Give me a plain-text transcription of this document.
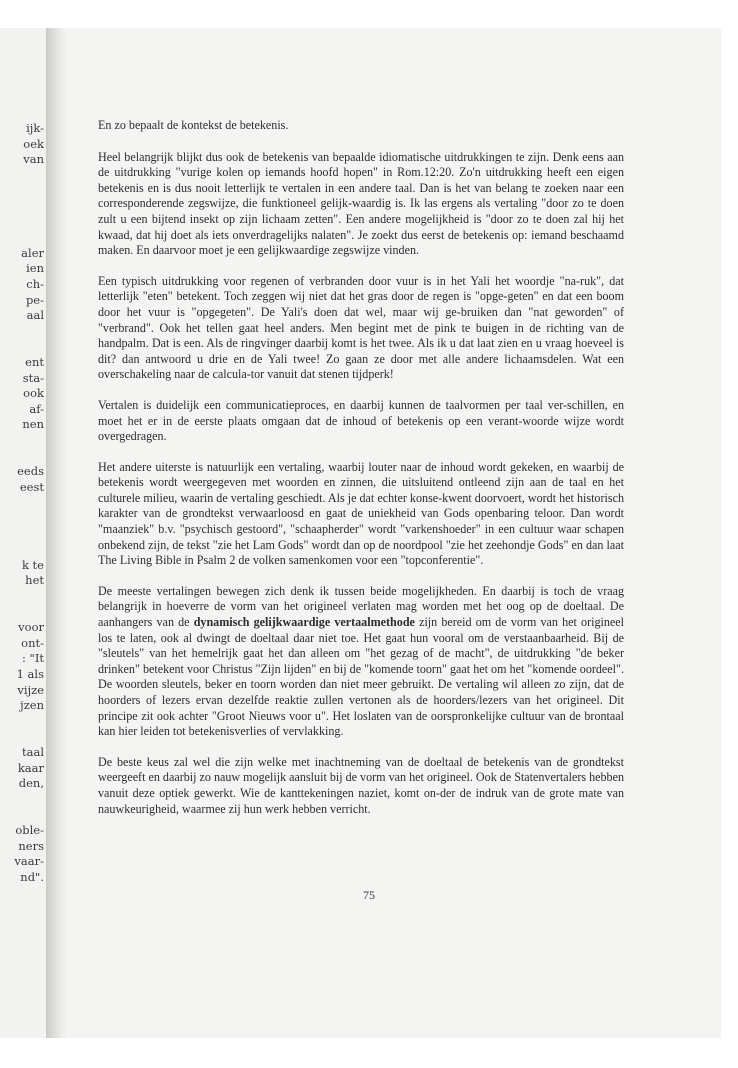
ijk-
oek
van
aler
ien
ch-
pe-
aal
ent
sta-
ook
af-
nen
eeds
eest
k te
het
voor
ont-
: "It
1 als
vijze
jzen
taal
kaar
den,
oble-
ners
vaar-
nd".

En zo bepaalt de kontekst de betekenis.

Heel belangrijk blijkt dus ook de betekenis van bepaalde idiomatische uitdrukkingen te zijn. Denk eens aan de uitdrukking "vurige kolen op iemands hoofd hopen" in Rom.12:20. Zo'n uitdrukking heeft een eigen betekenis en is dus nooit letterlijk te vertalen in een andere taal. Dan is het van belang te zoeken naar een corresponderende zegswijze, die funktioneel gelijk-waardig is. Ik las ergens als vertaling "door zo te doen zult u een bijtend insekt op zijn lichaam zetten". Een andere mogelijkheid is "door zo te doen zal hij het kwaad, dat hij doet als iets onverdragelijks nalaten". Je zoekt dus eerst de betekenis op: iemand beschaamd maken. En daarvoor moet je een gelijkwaardige zegswijze vinden.

Een typisch uitdrukking voor regenen of verbranden door vuur is in het Yali het woordje "na-ruk", dat letterlijk "eten" betekent. Toch zeggen wij niet dat het gras door de regen is "opge-geten" en dat een boom door het vuur is "opgegeten". De Yali's doen dat wel, maar wij ge-bruiken dan "nat geworden" of "verbrand". Ook het tellen gaat heel anders. Men begint met de pink te buigen in de richting van de handpalm. Dat is een. Als de ringvinger daarbij komt is het twee. Als ik u dat laat zien en u vraag hoeveel is dit? dan antwoord u drie en de Yali twee! Zo gaan ze door met alle andere lichaamsdelen. Wat een overschakeling naar de calcula-tor vanuit dat stenen tijdperk!

Vertalen is duidelijk een communicatieproces, en daarbij kunnen de taalvormen per taal ver-schillen, en moet het er in de eerste plaats omgaan dat de inhoud of betekenis op een verant-woorde wijze wordt overgedragen.

Het andere uiterste is natuurlijk een vertaling, waarbij louter naar de inhoud wordt gekeken, en waarbij de betekenis wordt weergegeven met woorden en zinnen, die uitsluitend ontleend zijn aan de taal en het culturele milieu, waarin de vertaling geschiedt. Als je dat echter konse-kwent doorvoert, wordt het historisch karakter van de grondtekst verwaarloosd en gaat de uniekheid van Gods openbaring teloor. Dan wordt "maanziek" b.v. "psychisch gestoord", "schaapherder" wordt "varkenshoeder" in een cultuur waar schapen onbekend zijn, de tekst "zie het Lam Gods" wordt dan op de noordpool "zie het zeehondje Gods" en dan laat The Living Bible in Psalm 2 de volken samenkomen voor een "topconferentie".

De meeste vertalingen bewegen zich denk ik tussen beide mogelijkheden. En daarbij is toch de vraag belangrijk in hoeverre de vorm van het origineel verlaten mag worden met het oog op de doeltaal. De aanhangers van de dynamisch gelijkwaardige vertaalmethode zijn bereid om de vorm van het origineel los te laten, ook al dwingt de doeltaal daar niet toe. Het gaat hun vooral om de verstaanbaarheid. Bij de "sleutels" van het hemelrijk gaat het dan alleen om "het gezag of de macht", de uitdrukking "de beker drinken" betekent voor Christus "Zijn lijden" en bij de "komende toorn" gaat het om het "komende oordeel". De woorden sleutels, beker en toorn worden dan niet meer gebruikt. De vertaling wil alleen zo zijn, dat de hoorders of lezers ervan dezelfde reaktie zullen vertonen als de hoorders/lezers van het origineel. Dit principe zit ook achter "Groot Nieuws voor u". Het loslaten van de oorspronkelijke cultuur van de brontaal kan hier leiden tot betekenisverlies of vervlakking.

De beste keus zal wel die zijn welke met inachtneming van de doeltaal de betekenis van de grondtekst weergeeft en daarbij zo nauw mogelijk aansluit bij de vorm van het origineel. Ook de Statenvertalers hebben vanuit deze optiek gewerkt. Wie de kanttekeningen naziet, komt on-der de indruk van de grote mate van nauwkeurigheid, waarmee zij hun werk hebben verricht.

75
